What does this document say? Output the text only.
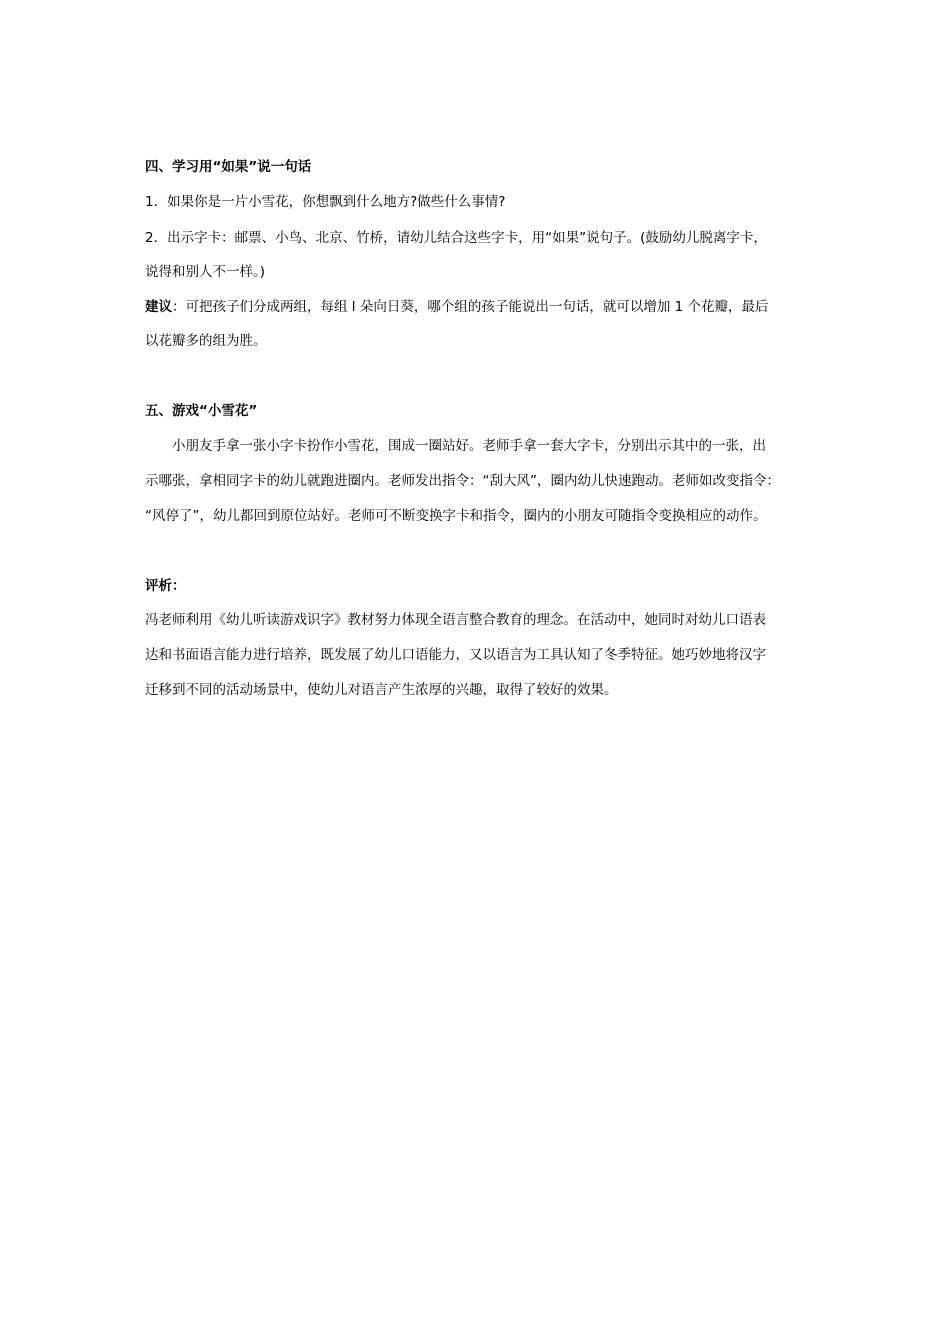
四、学习用“如果”说一句话
1．如果你是一片小雪花，你想飘到什么地方?做些什么事情?
2．出示字卡：邮票、小鸟、北京、竹桥，请幼儿结合这些字卡，用“如果”说句子。(鼓励幼儿脱离字卡，
说得和别人不一样。)
建议：可把孩子们分成两组，每组 l 朵向日葵，哪个组的孩子能说出一句话，就可以增加 1 个花瓣，最后
以花瓣多的组为胜。
五、游戏“小雪花”
小朋友手拿一张小字卡扮作小雪花，围成一圈站好。老师手拿一套大字卡，分别出示其中的一张，出
示哪张，拿相同字卡的幼儿就跑进圈内。老师发出指令：“刮大风”，圈内幼儿快速跑动。老师如改变指令：
“风停了”，幼儿都回到原位站好。老师可不断变换字卡和指令，圈内的小朋友可随指令变换相应的动作。
评析：
冯老师利用《幼儿听读游戏识字》教材努力体现全语言整合教育的理念。在活动中，她同时对幼儿口语表
达和书面语言能力进行培养，既发展了幼儿口语能力，又以语言为工具认知了冬季特征。她巧妙地将汉字
迁移到不同的活动场景中，使幼儿对语言产生浓厚的兴趣，取得了较好的效果。
